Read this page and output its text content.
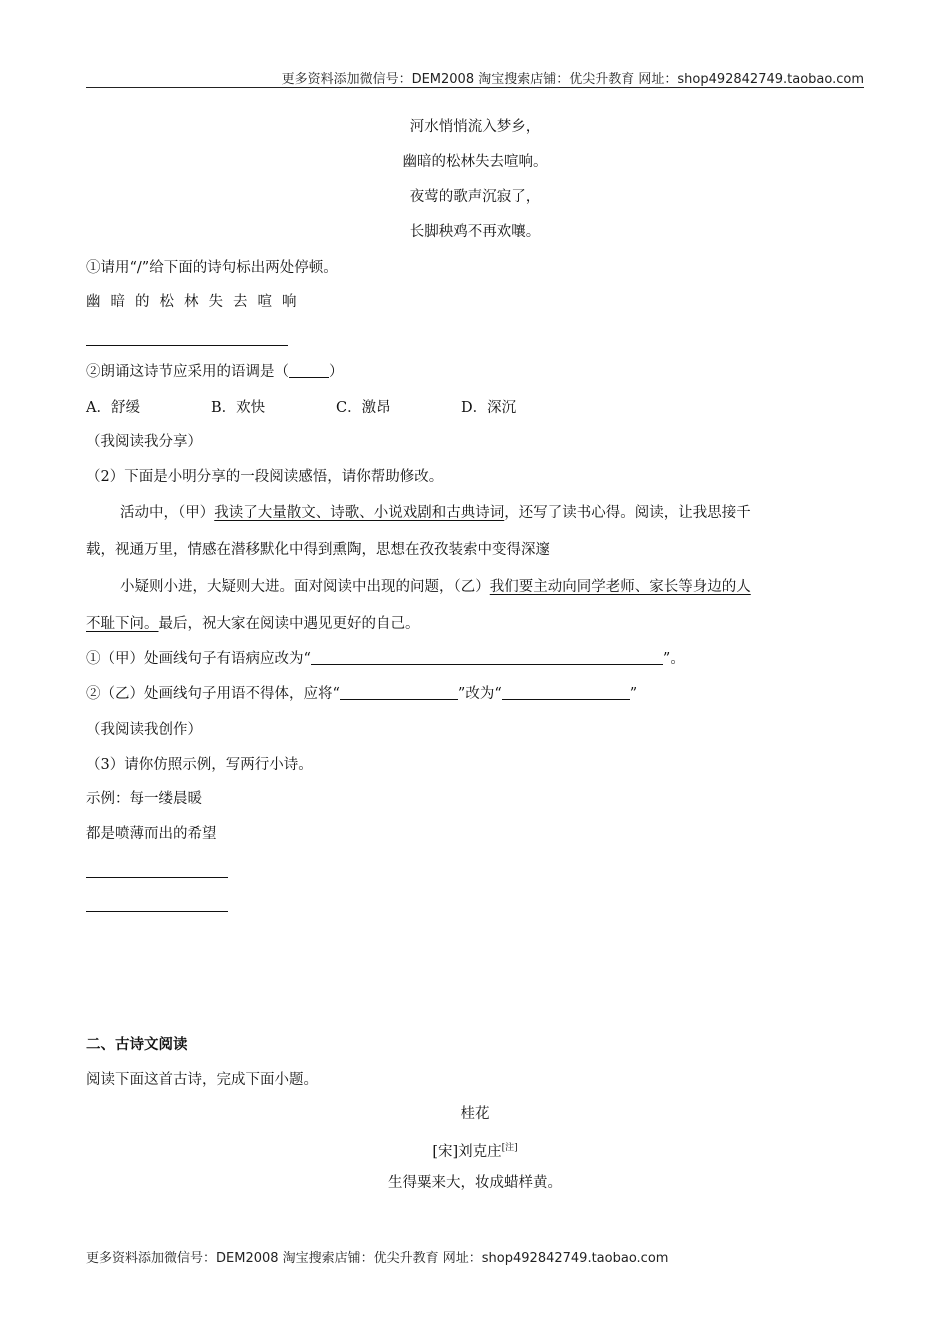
更多资料添加微信号：DEM2008 淘宝搜索店铺：优尖升教育 网址：shop492842749.taobao.com
河水悄悄流入梦乡，
幽暗的松林失去喧响。
夜莺的歌声沉寂了，
长脚秧鸡不再欢嚷。
①请用“/”给下面的诗句标出两处停顿。
幽 暗 的 松 林 失 去 喧 响
②朗诵这诗节应采用的语调是（	）
A．舒缓	B．欢快	C．激昂	D．深沉
（我阅读我分享）
（2）下面是小明分享的一段阅读感悟，请你帮助修改。
活动中，（甲）我读了大量散文、诗歌、小说戏剧和古典诗词，还写了读书心得。阅读，让我思接千
载，视通万里，情感在潜移默化中得到熏陶，思想在孜孜装索中变得深邃
小疑则小进，大疑则大进。面对阅读中出现的问题，（乙）我们要主动向同学老师、家长等身边的人
不耻下问。最后，祝大家在阅读中遇见更好的自己。
①（甲）处画线句子有语病应改为“	”。
②（乙）处画线句子用语不得体，应将“	”改为“	”
（我阅读我创作）
（3）请你仿照示例，写两行小诗。
示例：每一缕晨暖
都是喷薄而出的希望
二、古诗文阅读
阅读下面这首古诗，完成下面小题。
桂花
[宋]刘克庄[注]
生得粟来大，妆成蜡样黄。
更多资料添加微信号：DEM2008 淘宝搜索店铺：优尖升教育 网址：shop492842749.taobao.com
